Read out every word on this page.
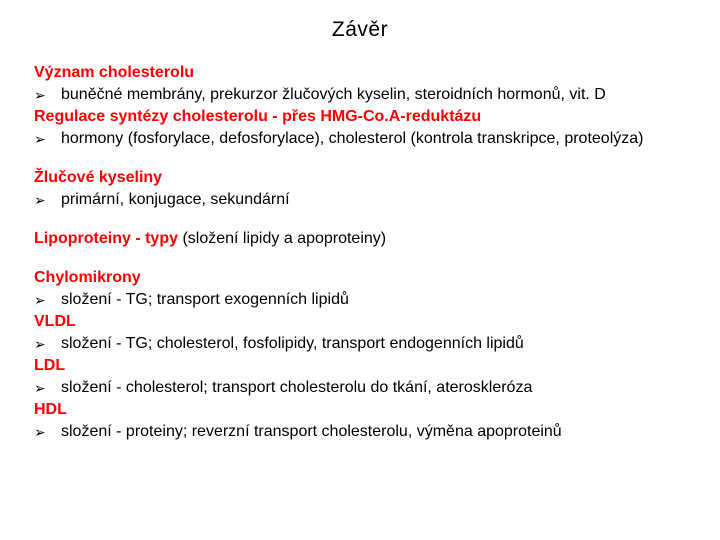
Závěr
Význam cholesterolu
➢ buněčné membrány, prekurzor žlučových kyselin, steroidních hormonů, vit. D
Regulace syntézy cholesterolu - přes HMG-Co.A-reduktázu
➢ hormony (fosforylace, defosforylace), cholesterol (kontrola transkripce, proteolýza)
Žlučové kyseliny
➢ primární, konjugace, sekundární
Lipoproteiny - typy (složení lipidy a apoproteiny)
Chylomikrony
➢ složení - TG; transport exogenních lipidů
VLDL
➢ složení - TG; cholesterol, fosfolipidy, transport endogenních lipidů
LDL
➢ složení - cholesterol; transport cholesterolu do tkání, ateroskleróza
HDL
➢ složení - proteiny; reverzní transport cholesterolu, výměna apoproteinů
